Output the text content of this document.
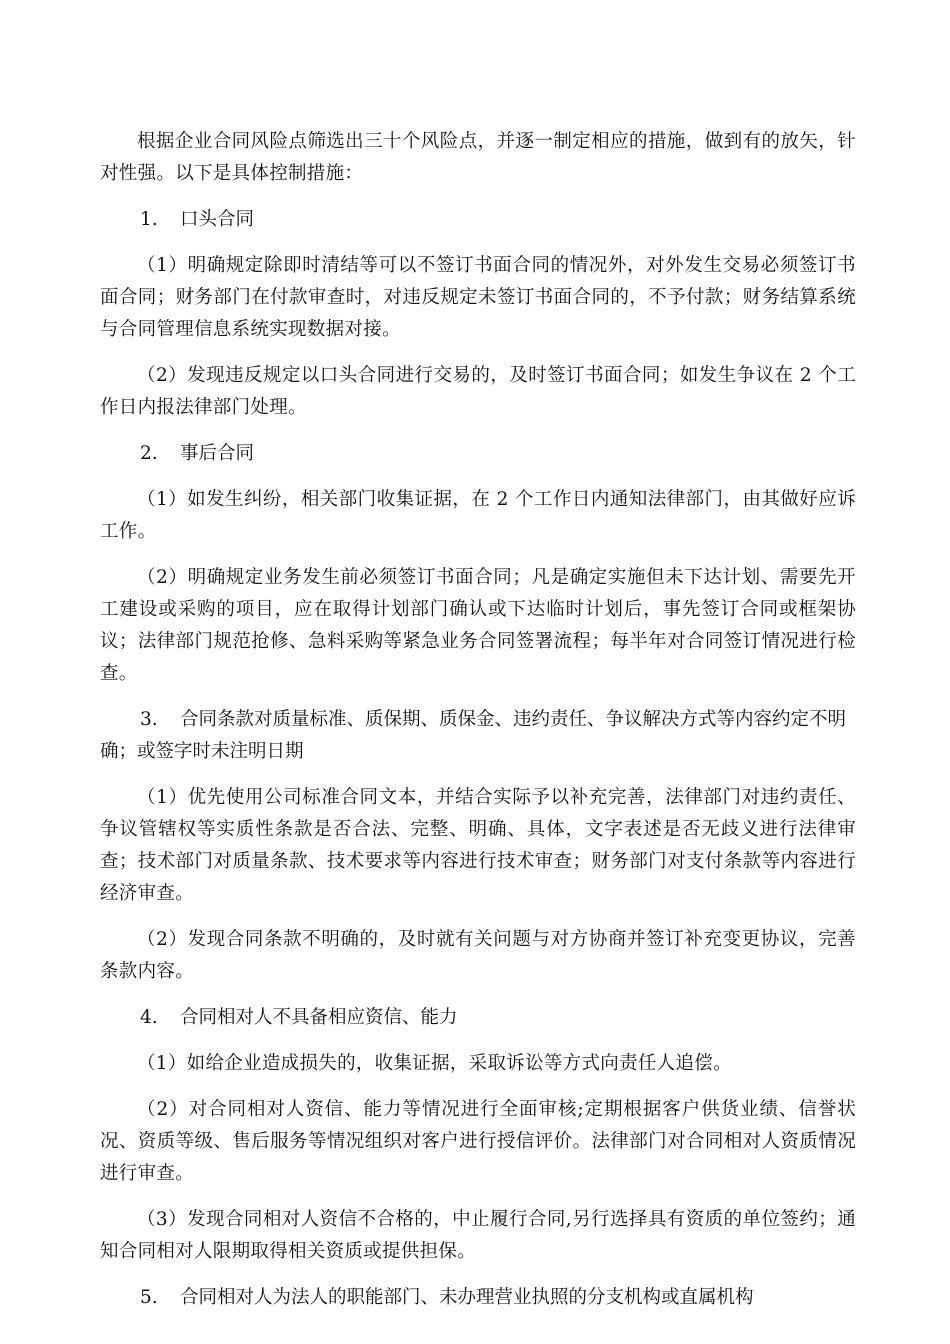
根据企业合同风险点筛选出三十个风险点，并逐一制定相应的措施，做到有的放矢，针对性强。以下是具体控制措施：

1.	口头合同

（1）明确规定除即时清结等可以不签订书面合同的情况外，对外发生交易必须签订书面合同；财务部门在付款审查时，对违反规定未签订书面合同的，不予付款；财务结算系统与合同管理信息系统实现数据对接。

（2）发现违反规定以口头合同进行交易的，及时签订书面合同；如发生争议在 2 个工作日内报法律部门处理。

2.	事后合同

（1）如发生纠纷，相关部门收集证据，在 2 个工作日内通知法律部门，由其做好应诉工作。

（2）明确规定业务发生前必须签订书面合同；凡是确定实施但未下达计划、需要先开工建设或采购的项目，应在取得计划部门确认或下达临时计划后，事先签订合同或框架协议；法律部门规范抢修、急料采购等紧急业务合同签署流程；每半年对合同签订情况进行检查。

3. 合同条款对质量标准、质保期、质保金、违约责任、争议解决方式等内容约定不明确；或签字时未注明日期

（1）优先使用公司标准合同文本，并结合实际予以补充完善，法律部门对违约责任、争议管辖权等实质性条款是否合法、完整、明确、具体，文字表述是否无歧义进行法律审查；技术部门对质量条款、技术要求等内容进行技术审查；财务部门对支付条款等内容进行经济审查。

（2）发现合同条款不明确的，及时就有关问题与对方协商并签订补充变更协议，完善条款内容。

4.	合同相对人不具备相应资信、能力

（1）如给企业造成损失的，收集证据，采取诉讼等方式向责任人追偿。

（2）对合同相对人资信、能力等情况进行全面审核;定期根据客户供货业绩、信誉状况、资质等级、售后服务等情况组织对客户进行授信评价。法律部门对合同相对人资质情况进行审查。

（3）发现合同相对人资信不合格的，中止履行合同,另行选择具有资质的单位签约；通知合同相对人限期取得相关资质或提供担保。

5.	合同相对人为法人的职能部门、未办理营业执照的分支机构或直属机构
